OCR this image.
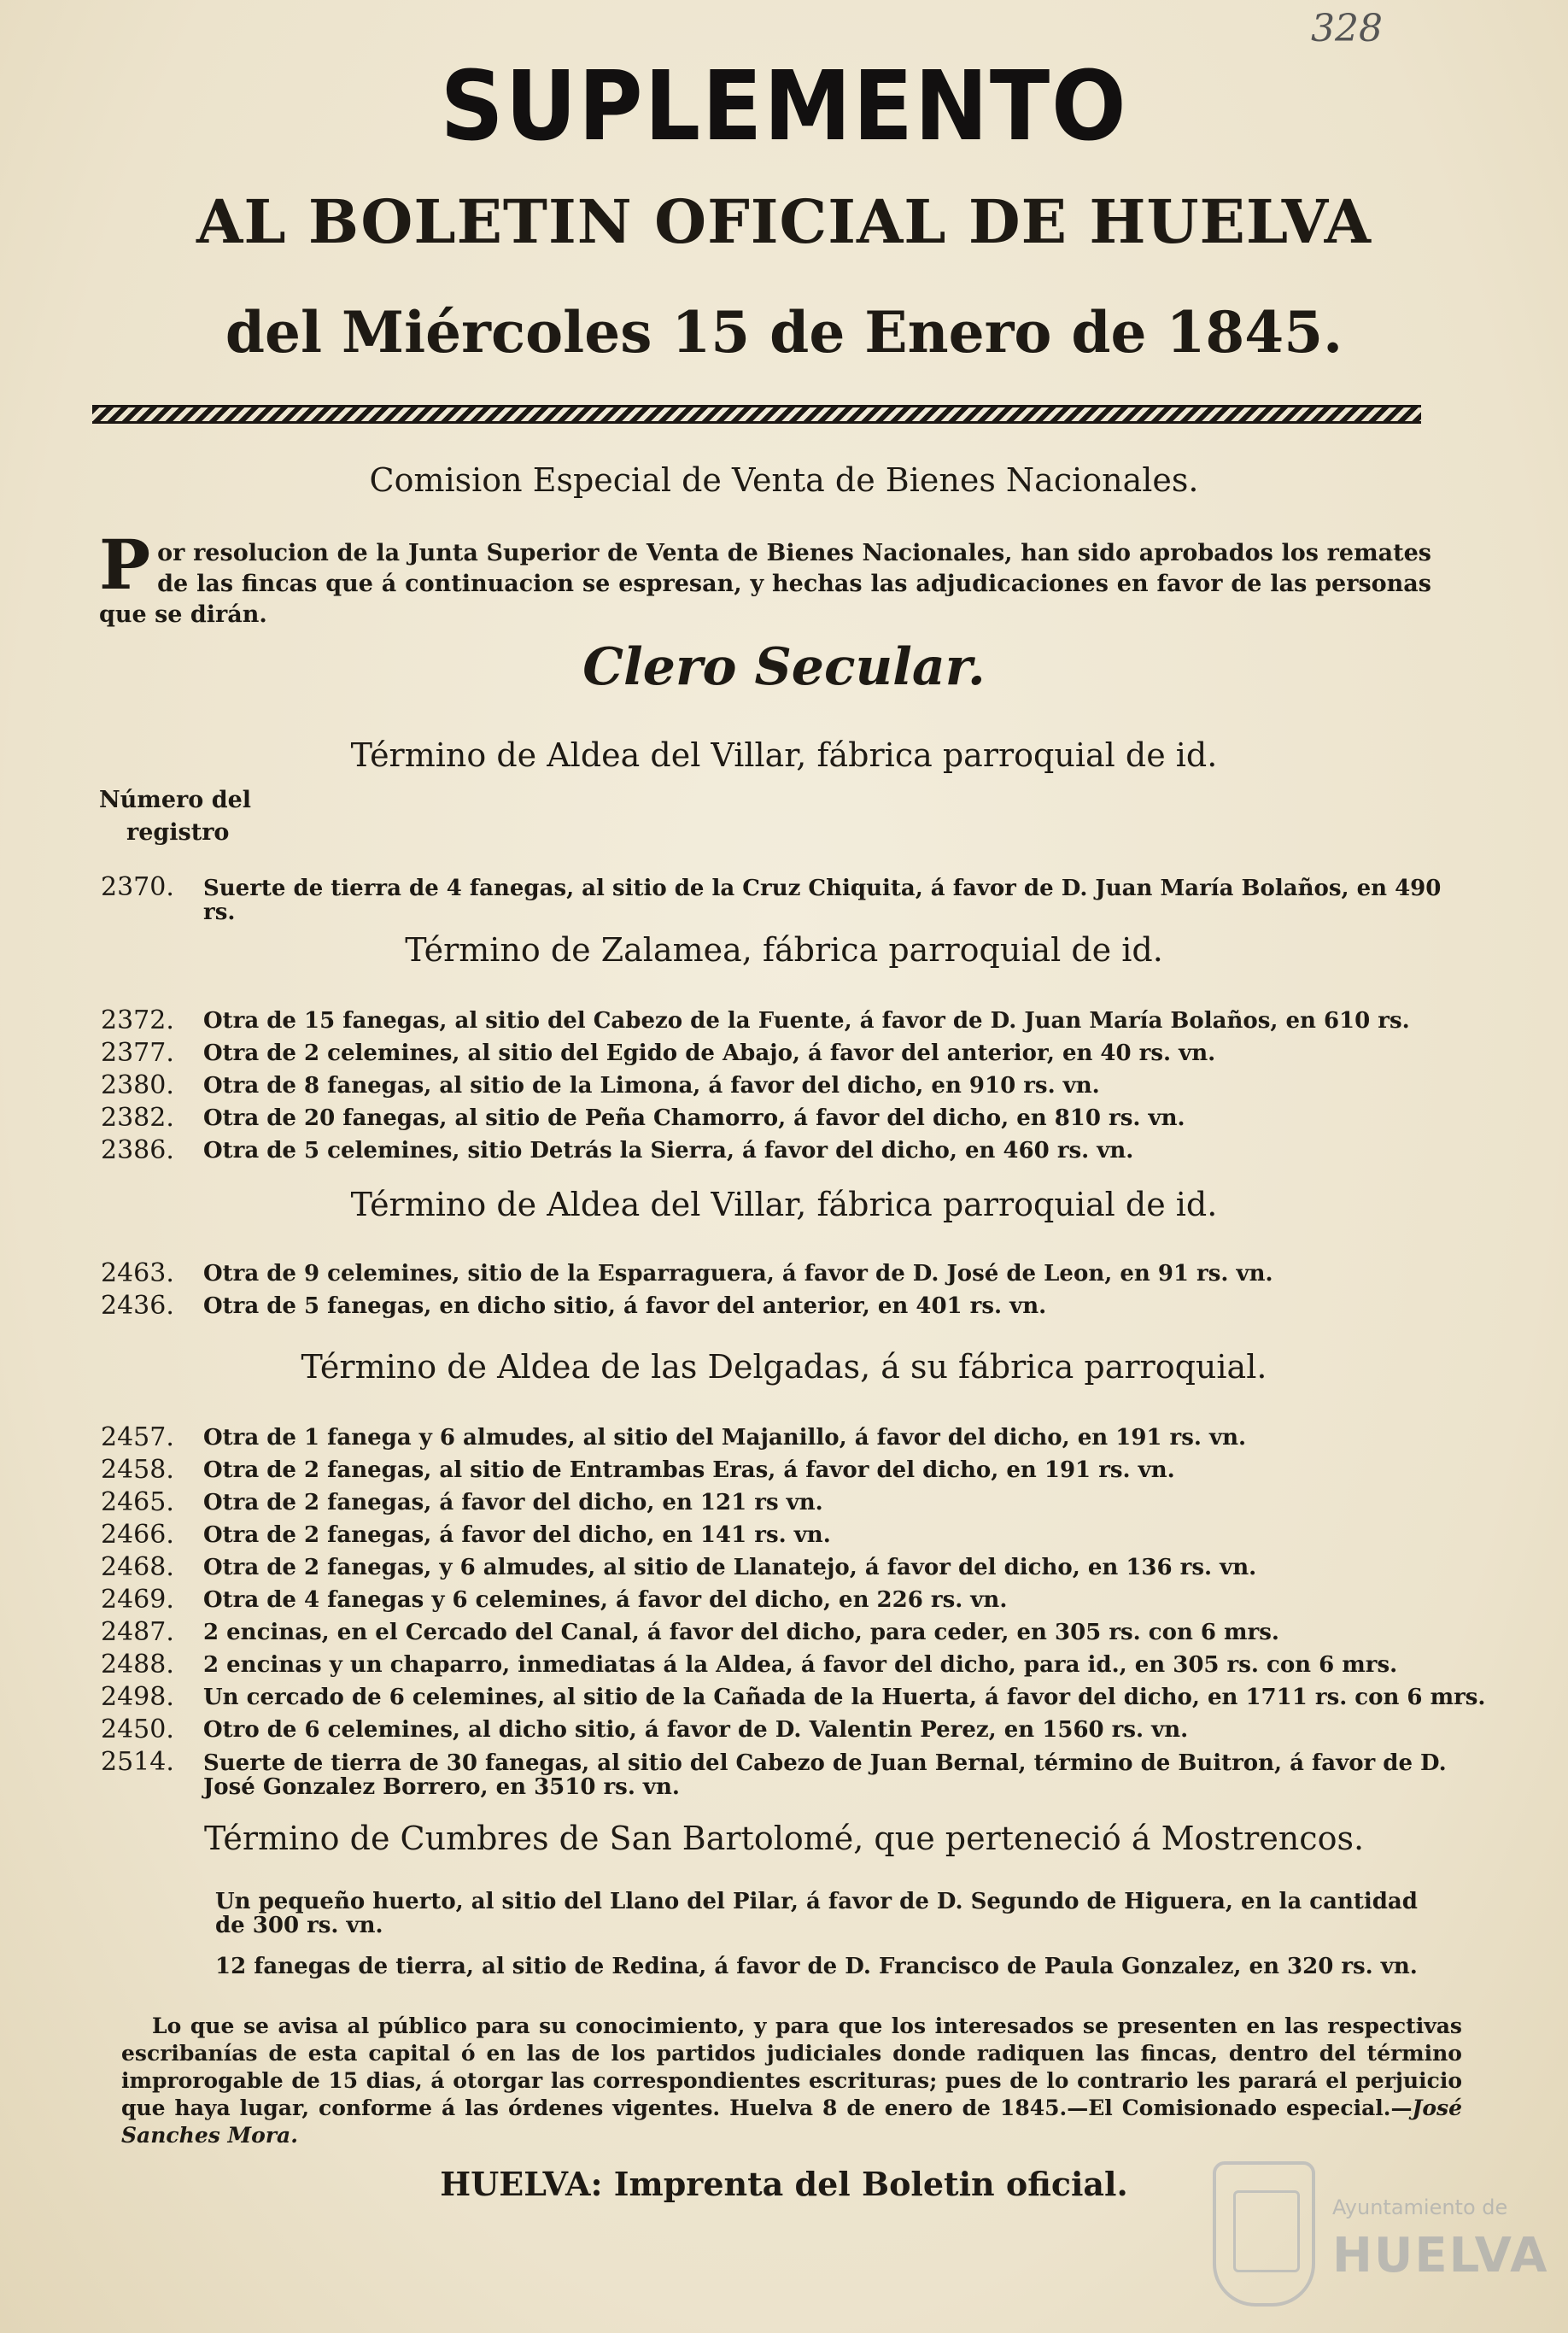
328
SUPLEMENTO
AL BOLETIN OFICIAL DE HUELVA
del Miércoles 15 de Enero de 1845.
Comision Especial de Venta de Bienes Nacionales.
Por resolucion de la Junta Superior de Venta de Bienes Nacionales, han sido aprobados los remates de las fincas que á continuacion se espresan, y hechas las adjudicaciones en favor de las personas que se dirán.
Clero Secular.
Término de Aldea del Villar, fábrica parroquial de id.
Número del
registro
2370.	Suerte de tierra de 4 fanegas, al sitio de la Cruz Chiquita, á favor de D. Juan María Bolaños, en 490 rs.
Término de Zalamea, fábrica parroquial de id.
2372.	Otra de 15 fanegas, al sitio del Cabezo de la Fuente, á favor de D. Juan María Bolaños, en 610 rs.
2377.	Otra de 2 celemines, al sitio del Egido de Abajo, á favor del anterior, en 40 rs. vn.
2380.	Otra de 8 fanegas, al sitio de la Limona, á favor del dicho, en 910 rs. vn.
2382.	Otra de 20 fanegas, al sitio de Peña Chamorro, á favor del dicho, en 810 rs. vn.
2386.	Otra de 5 celemines, sitio Detrás la Sierra, á favor del dicho, en 460 rs. vn.
Término de Aldea del Villar, fábrica parroquial de id.
2463.	Otra de 9 celemines, sitio de la Esparraguera, á favor de D. José de Leon, en 91 rs. vn.
2436.	Otra de 5 fanegas, en dicho sitio, á favor del anterior, en 401 rs. vn.
Término de Aldea de las Delgadas, á su fábrica parroquial.
2457.	Otra de 1 fanega y 6 almudes, al sitio del Majanillo, á favor del dicho, en 191 rs. vn.
2458.	Otra de 2 fanegas, al sitio de Entrambas Eras, á favor del dicho, en 191 rs. vn.
2465.	Otra de 2 fanegas, á favor del dicho, en 121 rs vn.
2466.	Otra de 2 fanegas, á favor del dicho, en 141 rs. vn.
2468.	Otra de 2 fanegas, y 6 almudes, al sitio de Llanatejo, á favor del dicho, en 136 rs. vn.
2469.	Otra de 4 fanegas y 6 celemines, á favor del dicho, en 226 rs. vn.
2487.	2 encinas, en el Cercado del Canal, á favor del dicho, para ceder, en 305 rs. con 6 mrs.
2488.	2 encinas y un chaparro, inmediatas á la Aldea, á favor del dicho, para id., en 305 rs. con 6 mrs.
2498.	Un cercado de 6 celemines, al sitio de la Cañada de la Huerta, á favor del dicho, en 1711 rs. con 6 mrs.
2450.	Otro de 6 celemines, al dicho sitio, á favor de D. Valentin Perez, en 1560 rs. vn.
2514.	Suerte de tierra de 30 fanegas, al sitio del Cabezo de Juan Bernal, término de Buitron, á favor de D. José Gonzalez Borrero, en 3510 rs. vn.
Término de Cumbres de San Bartolomé, que perteneció á Mostrencos.
Un pequeño huerto, al sitio del Llano del Pilar, á favor de D. Segundo de Higuera, en la cantidad de 300 rs. vn.
12 fanegas de tierra, al sitio de Redina, á favor de D. Francisco de Paula Gonzalez, en 320 rs. vn.
Lo que se avisa al público para su conocimiento, y para que los interesados se presenten en las respectivas escribanías de esta capital ó en las de los partidos judiciales donde radiquen las fincas, dentro del término improrogable de 15 dias, á otorgar las correspondientes escrituras; pues de lo contrario les parará el perjuicio que haya lugar, conforme á las órdenes vigentes. Huelva 8 de enero de 1845.—El Comisionado especial.—José Sanches Mora.
HUELVA: Imprenta del Boletin oficial.
Ayuntamiento de
HUELVA
